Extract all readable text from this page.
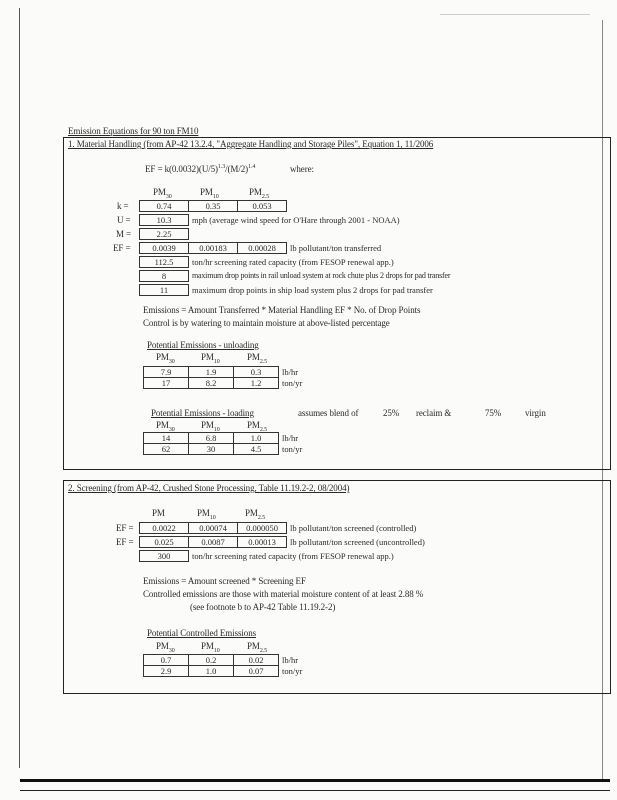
Emission Equations for 90 ton FM10
1. Material Handling (from AP-42 13.2.4, "Aggregate Handling and Storage Piles", Equation 1, 11/2006
EF = $k(0.0032)(U/5)^{1.3}/(M/2)^{1.4}$	where:
$PM_{30}$	$PM_{10}$	$PM_{2.5}$
k =	0.74	0.35	0.053
U =	10.3	mph (average wind speed for O'Hare through 2001 - NOAA)
M =	2.25
EF =	0.0039	0.00183	0.00028	lb pollutant/ton transferred
112.5	ton/hr screening rated capacity (from FESOP renewal app.)
8	maximum drop points in rail unload system at rock chute plus 2 drops for pad transfer
11	maximum drop points in ship load system plus 2 drops for pad transfer
Emissions = Amount Transferred * Material Handling EF * No. of Drop Points
Control is by watering to maintain moisture at above-listed percentage
Potential Emissions - unloading
$PM_{30}$	$PM_{10}$	$PM_{2.5}$
7.9	1.9	0.3	lb/hr
17	8.2	1.2	ton/yr
Potential Emissions - loading	assumes blend of	25% reclaim &	75%	virgin
$PM_{30}$	$PM_{10}$	$PM_{2.5}$
14	6.8	1.0	lb/hr
62	30	4.5	ton/yr
2. Screening (from AP-42, Crushed Stone Processing, Table 11.19.2-2, 08/2004)
PM	$PM_{10}$	$PM_{2.5}$
EF = 0.0022	0.00074	0.000050	lb pollutant/ton screened (controlled)
EF = 0.025	0.0087	0.00013	lb pollutant/ton screened (uncontrolled)
300	ton/hr screening rated capacity (from FESOP renewal app.)
Emissions = Amount screened * Screening EF
Controlled emissions are those with material moisture content of at least 2.88 %
(see footnote b to AP-42 Table 11.19.2-2)
Potential Controlled Emissions
$PM_{30}$	$PM_{10}$	$PM_{2.5}$
0.7	0.2	0.02	lb/hr
2.9	1.0	0.07	ton/yr
